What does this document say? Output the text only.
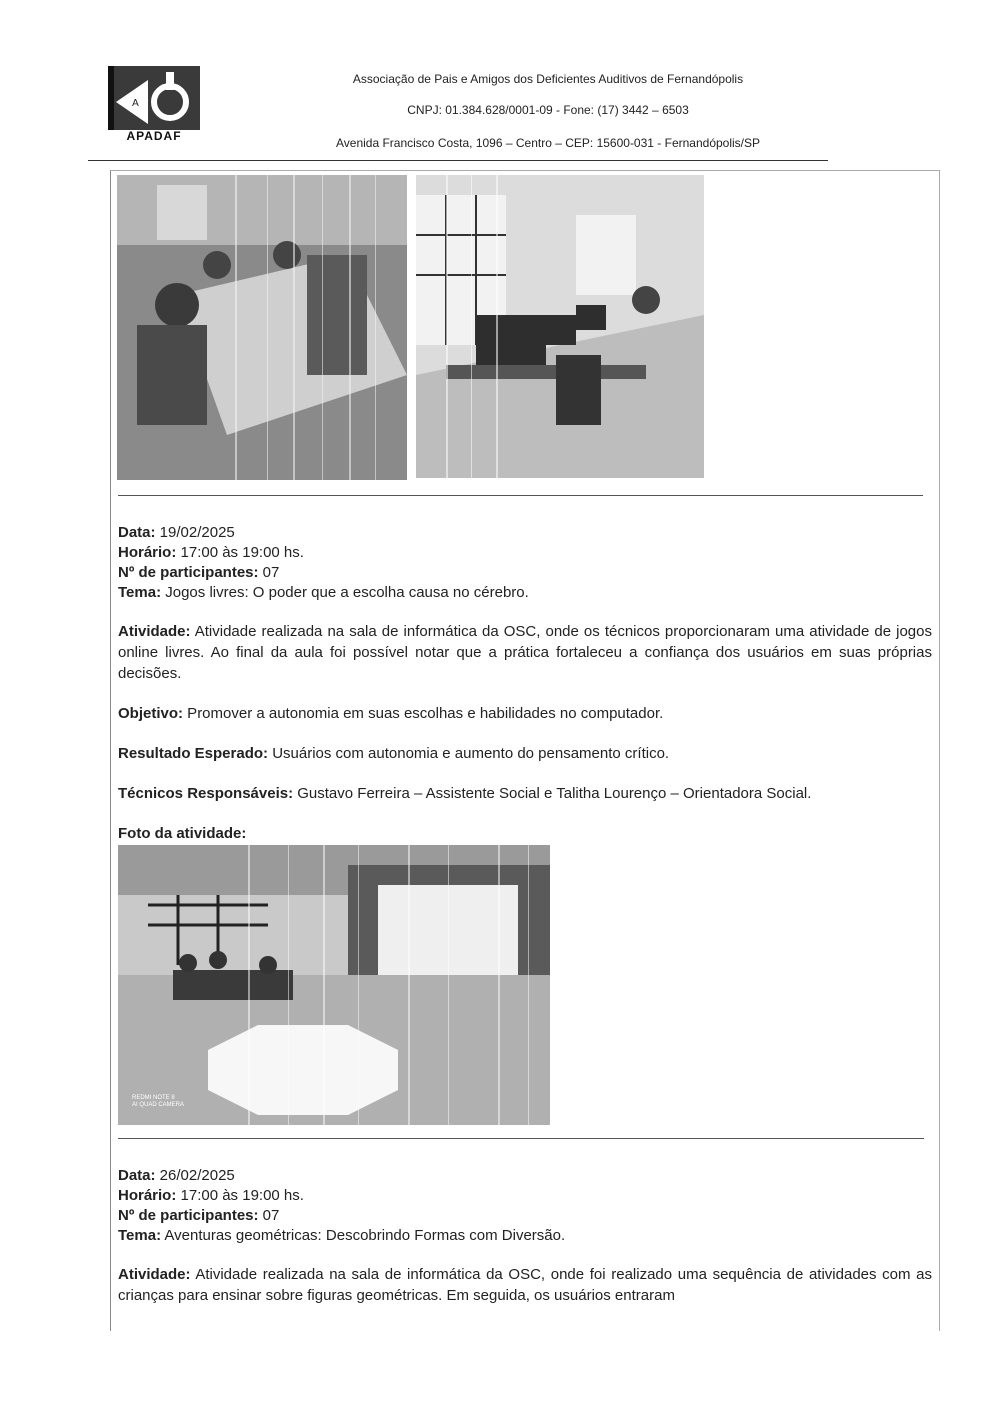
A
APADAF
Associação de Pais e Amigos dos Deficientes Auditivos de Fernandópolis
CNPJ: 01.384.628/0001-09 - Fone: (17) 3442 – 6503
Avenida Francisco Costa, 1096 – Centro – CEP: 15600-031 - Fernandópolis/SP
Data: 19/02/2025
Horário: 17:00 às 19:00 hs.
Nº de participantes: 07
Tema: Jogos livres: O poder que a escolha causa no cérebro.
Atividade: Atividade realizada na sala de informática da OSC, onde os técnicos proporcionaram uma atividade de jogos online livres. Ao final da aula foi possível notar que a prática fortaleceu a confiança dos usuários em suas próprias decisões.
Objetivo: Promover a autonomia em suas escolhas e habilidades no computador.
Resultado Esperado: Usuários com autonomia e aumento do pensamento crítico.
Técnicos Responsáveis: Gustavo Ferreira – Assistente Social e Talitha Lourenço – Orientadora Social.
Foto da atividade:
REDMI NOTE 8
AI QUAD CAMERA
Data: 26/02/2025
Horário: 17:00 às 19:00 hs.
Nº de participantes: 07
Tema: Aventuras geométricas: Descobrindo Formas com Diversão.
Atividade: Atividade realizada na sala de informática da OSC, onde foi realizado uma sequência de atividades com as crianças para ensinar sobre figuras geométricas. Em seguida, os usuários entraram
